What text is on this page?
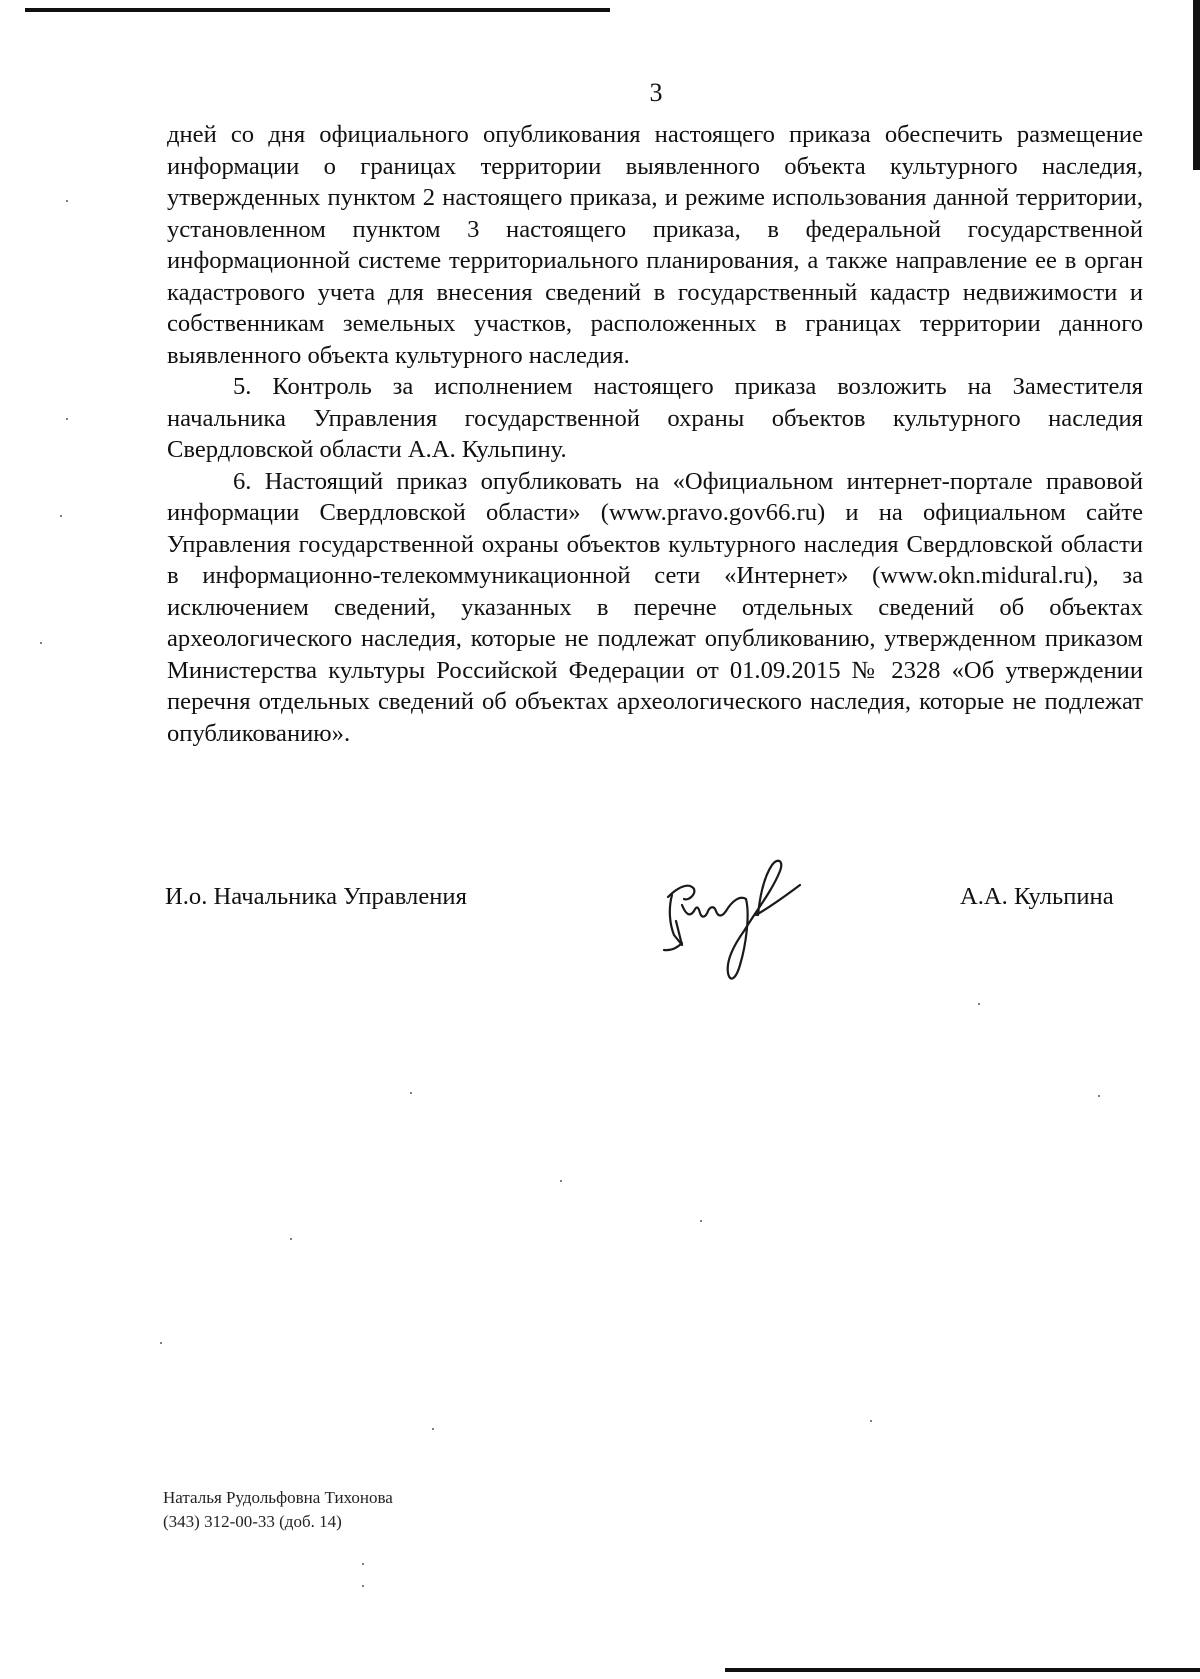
3

дней со дня официального опубликования настоящего приказа обеспечить размещение информации о границах территории выявленного объекта культурного наследия, утвержденных пунктом 2 настоящего приказа, и режиме использования данной территории, установленном пунктом 3 настоящего приказа, в федеральной государственной информационной системе территориального планирования, а также направление ее в орган кадастрового учета для внесения сведений в государственный кадастр недвижимости и собственникам земельных участков, расположенных в границах территории данного выявленного объекта культурного наследия.

5. Контроль за исполнением настоящего приказа возложить на Заместителя начальника Управления государственной охраны объектов культурного наследия Свердловской области А.А. Кульпину.

6. Настоящий приказ опубликовать на «Официальном интернет-портале правовой информации Свердловской области» (www.pravo.gov66.ru) и на официальном сайте Управления государственной охраны объектов культурного наследия Свердловской области в информационно-телекоммуникационной сети «Интернет» (www.okn.midural.ru), за исключением сведений, указанных в перечне отдельных сведений об объектах археологического наследия, которые не подлежат опубликованию, утвержденном приказом Министерства культуры Российской Федерации от 01.09.2015 № 2328 «Об утверждении перечня отдельных сведений об объектах археологического наследия, которые не подлежат опубликованию».

И.о. Начальника Управления	А.А. Кульпина
Наталья Рудольфовна Тихонова
(343) 312-00-33 (доб. 14)
